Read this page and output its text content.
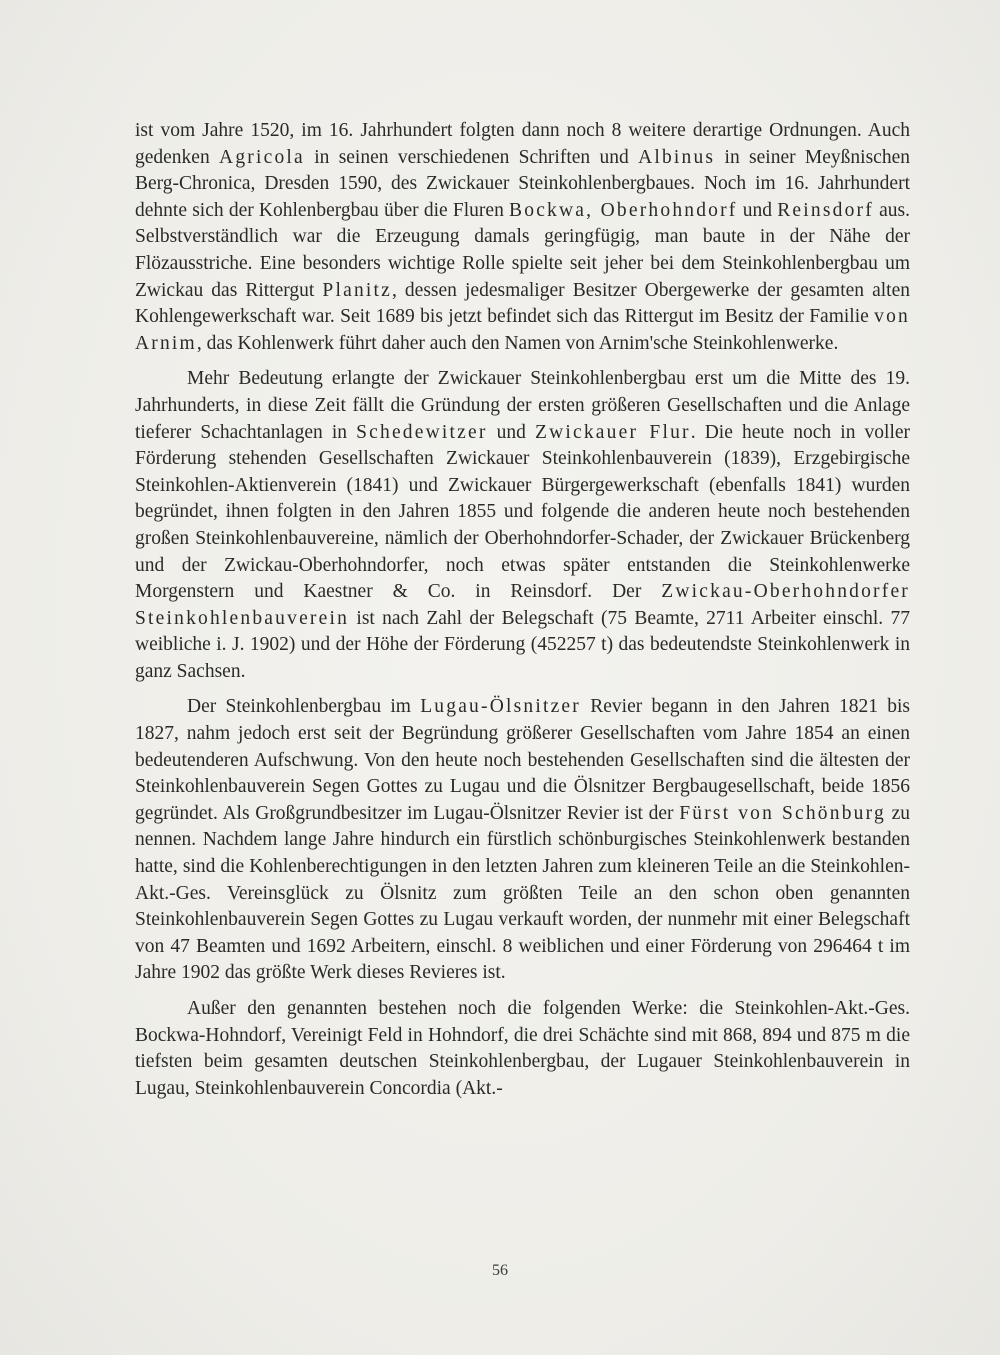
ist vom Jahre 1520, im 16. Jahrhundert folgten dann noch 8 weitere derartige Ordnungen. Auch gedenken Agricola in seinen verschiedenen Schriften und Albinus in seiner Meyßnischen Berg-Chronica, Dresden 1590, des Zwickauer Steinkohlenbergbaues. Noch im 16. Jahrhundert dehnte sich der Kohlenbergbau über die Fluren Bockwa, Oberhohndorf und Reinsdorf aus. Selbstverständlich war die Erzeugung damals geringfügig, man baute in der Nähe der Flözausstriche. Eine besonders wichtige Rolle spielte seit jeher bei dem Steinkohlenbergbau um Zwickau das Rittergut Planitz, dessen jedesmaliger Besitzer Obergewerke der gesamten alten Kohlengewerkschaft war. Seit 1689 bis jetzt befindet sich das Rittergut im Besitz der Familie von Arnim, das Kohlenwerk führt daher auch den Namen von Arnim'sche Steinkohlenwerke.

Mehr Bedeutung erlangte der Zwickauer Steinkohlenbergbau erst um die Mitte des 19. Jahrhunderts, in diese Zeit fällt die Gründung der ersten größeren Gesellschaften und die Anlage tieferer Schachtanlagen in Schedewitzer und Zwickauer Flur. Die heute noch in voller Förderung stehenden Gesellschaften Zwickauer Steinkohlenbauverein (1839), Erzgebirgische Steinkohlen-Aktienverein (1841) und Zwickauer Bürgergewerkschaft (ebenfalls 1841) wurden begründet, ihnen folgten in den Jahren 1855 und folgende die anderen heute noch bestehenden großen Steinkohlenbauvereine, nämlich der Oberhohndorfer-Schader, der Zwickauer Brückenberg und der Zwickau-Oberhohndorfer, noch etwas später entstanden die Steinkohlenwerke Morgenstern und Kaestner & Co. in Reinsdorf. Der Zwickau-Oberhohndorfer Steinkohlenbauverein ist nach Zahl der Belegschaft (75 Beamte, 2711 Arbeiter einschl. 77 weibliche i. J. 1902) und der Höhe der Förderung (452257 t) das bedeutendste Steinkohlenwerk in ganz Sachsen.

Der Steinkohlenbergbau im Lugau-Ölsnitzer Revier begann in den Jahren 1821 bis 1827, nahm jedoch erst seit der Begründung größerer Gesellschaften vom Jahre 1854 an einen bedeutenderen Aufschwung. Von den heute noch bestehenden Gesellschaften sind die ältesten der Steinkohlenbauverein Segen Gottes zu Lugau und die Ölsnitzer Bergbaugesellschaft, beide 1856 gegründet. Als Großgrundbesitzer im Lugau-Ölsnitzer Revier ist der Fürst von Schönburg zu nennen. Nachdem lange Jahre hindurch ein fürstlich schönburgisches Steinkohlenwerk bestanden hatte, sind die Kohlenberechtigungen in den letzten Jahren zum kleineren Teile an die Steinkohlen-Akt.-Ges. Vereinsglück zu Ölsnitz zum größten Teile an den schon oben genannten Steinkohlenbauverein Segen Gottes zu Lugau verkauft worden, der nunmehr mit einer Belegschaft von 47 Beamten und 1692 Arbeitern, einschl. 8 weiblichen und einer Förderung von 296464 t im Jahre 1902 das größte Werk dieses Revieres ist.

Außer den genannten bestehen noch die folgenden Werke: die Steinkohlen-Akt.-Ges. Bockwa-Hohndorf, Vereinigt Feld in Hohndorf, die drei Schächte sind mit 868, 894 und 875 m die tiefsten beim gesamten deutschen Steinkohlenbergbau, der Lugauer Steinkohlenbauverein in Lugau, Steinkohlenbauverein Concordia (Akt.-

56
